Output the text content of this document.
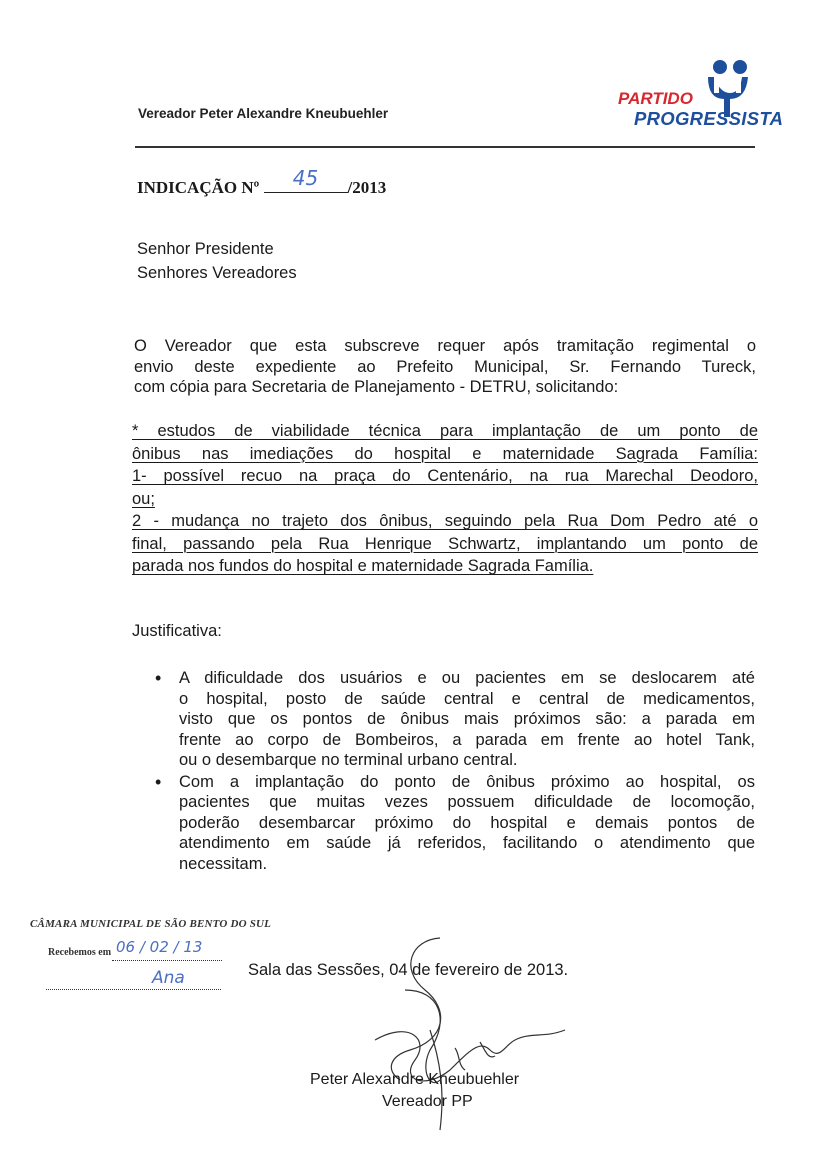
Vereador Peter Alexandre Kneubuehler
PARTIDO
PROGRESSISTA
INDICAÇÃO Nº	45	/2013
Senhor Presidente
Senhores Vereadores
O Vereador que esta subscreve requer após tramitação regimental o
envio deste expediente ao Prefeito Municipal, Sr. Fernando Tureck,
com cópia para Secretaria de Planejamento - DETRU, solicitando:
* estudos de viabilidade técnica para implantação de um ponto de
ônibus nas imediações do hospital e maternidade Sagrada Família:
1- possível recuo na praça do Centenário, na rua Marechal Deodoro,
ou;
2 - mudança no trajeto dos ônibus, seguindo pela Rua Dom Pedro até o
final, passando pela Rua Henrique Schwartz, implantando um ponto de
parada nos fundos do hospital e maternidade Sagrada Família.
Justificativa:
• A dificuldade dos usuários e ou pacientes em se deslocarem até
o hospital, posto de saúde central e central de medicamentos,
visto que os pontos de ônibus mais próximos são: a parada em
frente ao corpo de Bombeiros, a parada em frente ao hotel Tank,
ou o desembarque no terminal urbano central.
• Com a implantação do ponto de ônibus próximo ao hospital, os
pacientes que muitas vezes possuem dificuldade de locomoção,
poderão desembarcar próximo do hospital e demais pontos de
atendimento em saúde já referidos, facilitando o atendimento que
necessitam.
CÂMARA MUNICIPAL DE SÃO BENTO DO SUL
Recebemos em 06 / 02 / 13
Ana	Sala das Sessões, 04 de fevereiro de 2013.
Peter Alexandre Kneubuehler
Vereador PP
